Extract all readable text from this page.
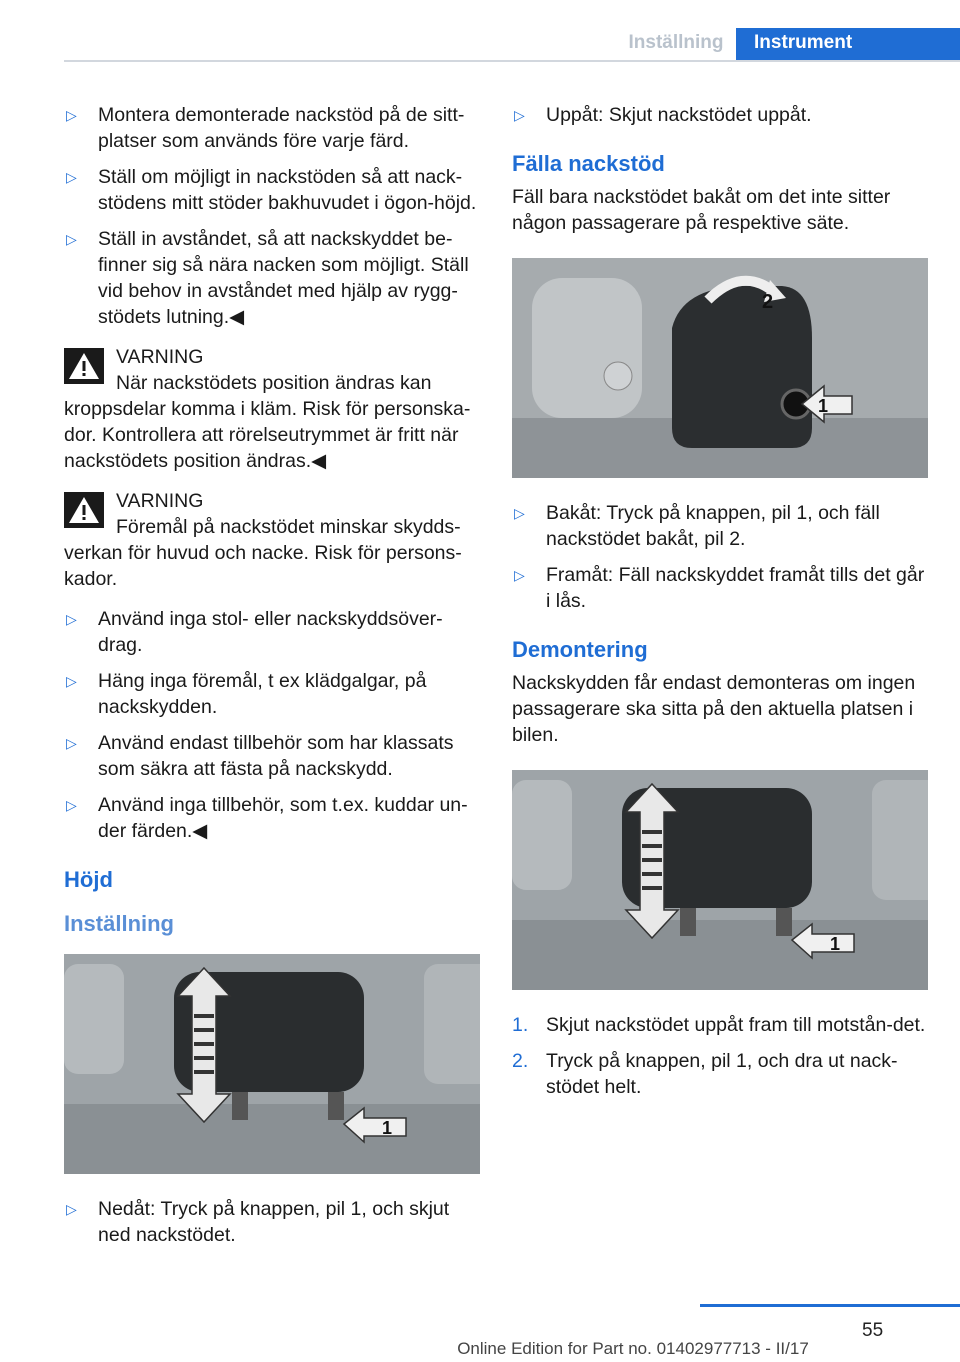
Inställning	Instrument
▷ Montera demonterade nackstöd på de sitt-platser som används före varje färd.
▷ Ställ om möjligt in nackstöden så att nack-stödens mitt stöder bakhuvudet i ögon-höjd.
▷ Ställ in avståndet, så att nackskyddet be-finner sig så nära nacken som möjligt. Ställ vid behov in avståndet med hjälp av rygg-stödets lutning.◀
VARNING
När nackstödets position ändras kan kroppsdelar komma i kläm. Risk för personska-dor. Kontrollera att rörelseutrymmet är fritt när nackstödets position ändras.◀
VARNING
Föremål på nackstödet minskar skydds-verkan för huvud och nacke. Risk för persons-kador.
▷ Använd inga stol- eller nackskyddsöver-drag.
▷ Häng inga föremål, t ex klädgalgar, på nackskydden.
▷ Använd endast tillbehör som har klassats som säkra att fästa på nackskydd.
▷ Använd inga tillbehör, som t.ex. kuddar un-der färden.◀
Höjd
Inställning
1
▷ Nedåt: Tryck på knappen, pil 1, och skjut ned nackstödet.
▷ Uppåt: Skjut nackstödet uppåt.
Fälla nackstöd

Fäll bara nackstödet bakåt om det inte sitter någon passagerare på respektive säte.

2
1
▷ Bakåt: Tryck på knappen, pil 1, och fäll nackstödet bakåt, pil 2.
▷ Framåt: Fäll nackskyddet framåt tills det går i lås.
Demontering

Nackskydden får endast demonteras om ingen passagerare ska sitta på den aktuella platsen i bilen.

1
1. Skjut nackstödet uppåt fram till motstån-det.
2. Tryck på knappen, pil 1, och dra ut nack-stödet helt.
55
Online Edition for Part no. 01402977713 - II/17
